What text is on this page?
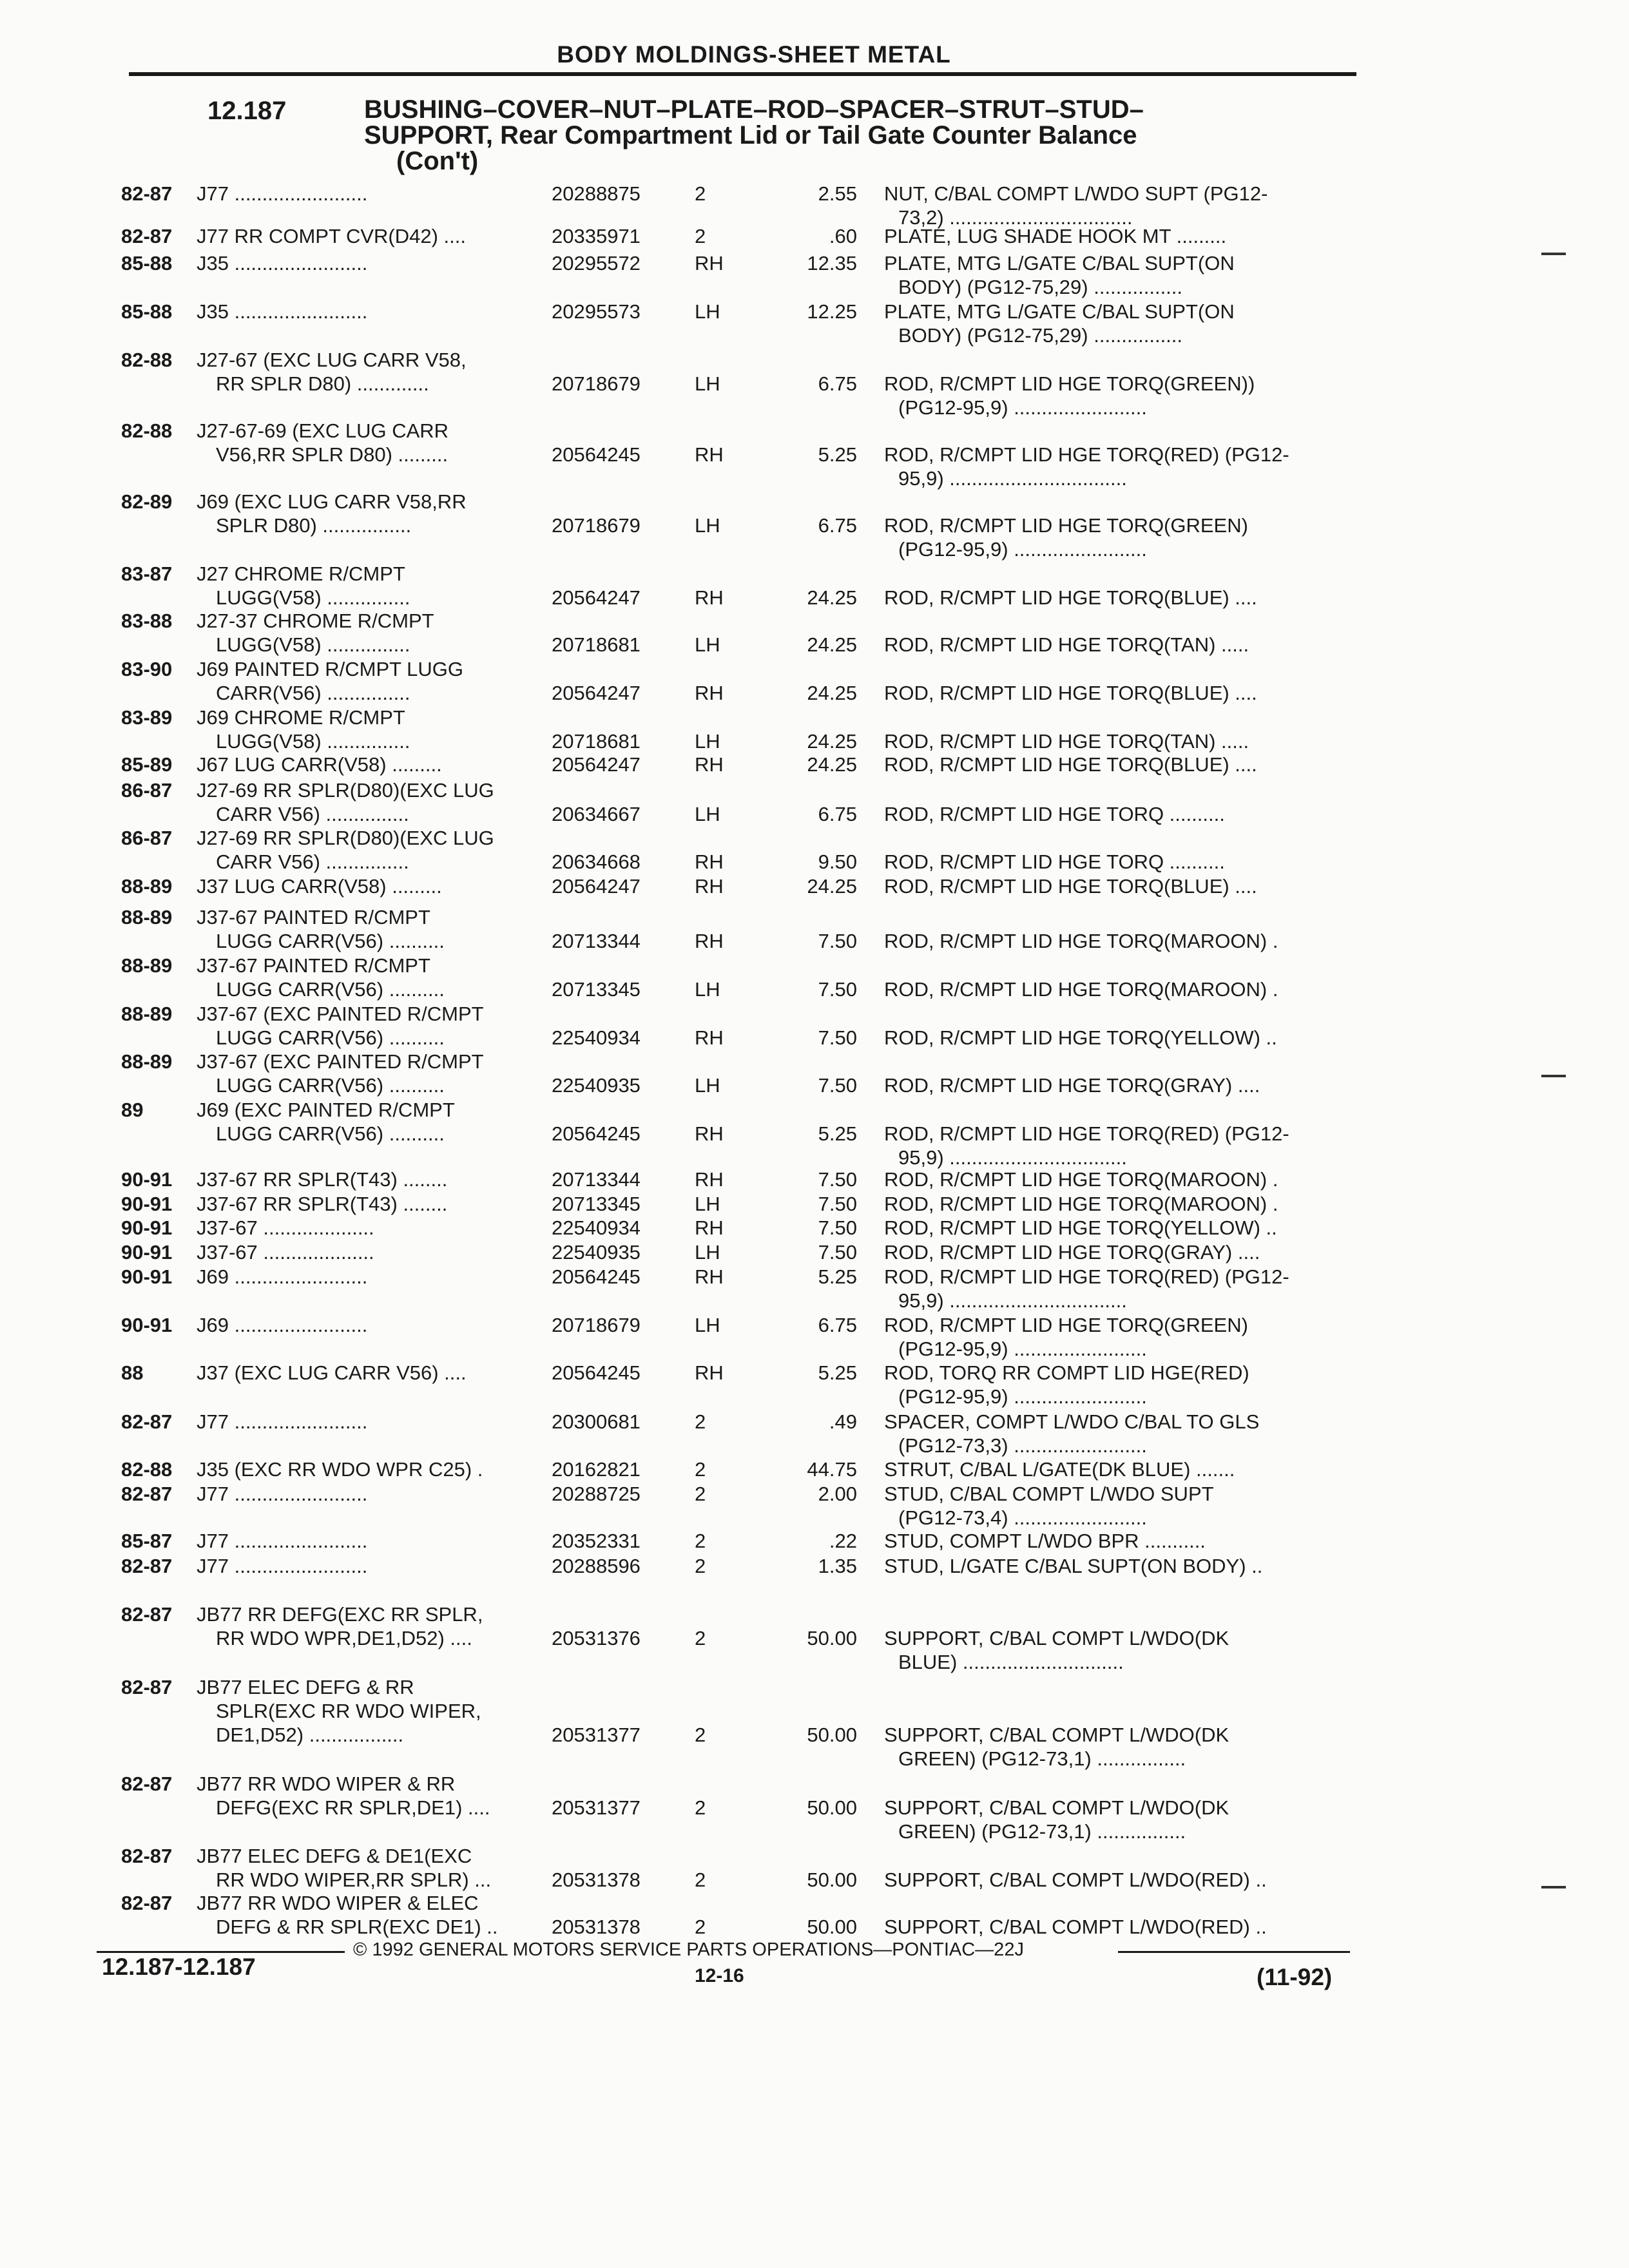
BODY MOLDINGS-SHEET METAL
12.187	BUSHING–COVER–NUT–PLATE–ROD–SPACER–STRUT–STUD–
SUPPORT, Rear Compartment Lid or Tail Gate Counter Balance
(Con't)
82-87	J77 ........................	20288875	2	2.55 NUT, C/BAL COMPT L/WDO SUPT (PG12-
73,2) .................................
82-87	J77 RR COMPT CVR(D42) ....	20335971	2	.60 PLATE, LUG SHADE HOOK MT .........
85-88	J35 ........................	20295572	RH	12.35 PLATE, MTG L/GATE C/BAL SUPT(ON
BODY) (PG12-75,29) ................
85-88	J35 ........................	20295573	LH	12.25 PLATE, MTG L/GATE C/BAL SUPT(ON
BODY) (PG12-75,29) ................
82-88	J27-67 (EXC LUG CARR V58,
RR SPLR D80) .............	20718679	LH	6.75 ROD, R/CMPT LID HGE TORQ(GREEN))
(PG12-95,9) ........................
82-88	J27-67-69 (EXC LUG CARR
V56,RR SPLR D80) .........	20564245	RH	5.25 ROD, R/CMPT LID HGE TORQ(RED) (PG12-
95,9) ................................
82-89	J69 (EXC LUG CARR V58,RR
SPLR D80) ................	20718679	LH	6.75 ROD, R/CMPT LID HGE TORQ(GREEN)
(PG12-95,9) ........................
83-87	J27 CHROME R/CMPT
LUGG(V58) ...............	20564247	RH	24.25 ROD, R/CMPT LID HGE TORQ(BLUE) ....
83-88	J27-37 CHROME R/CMPT
LUGG(V58) ...............	20718681	LH	24.25 ROD, R/CMPT LID HGE TORQ(TAN) .....
83-90	J69 PAINTED R/CMPT LUGG
CARR(V56) ...............	20564247	RH	24.25 ROD, R/CMPT LID HGE TORQ(BLUE) ....
83-89	J69 CHROME R/CMPT
LUGG(V58) ...............	20718681	LH	24.25 ROD, R/CMPT LID HGE TORQ(TAN) .....
85-89	J67 LUG CARR(V58) .........	20564247	RH	24.25 ROD, R/CMPT LID HGE TORQ(BLUE) ....
86-87	J27-69 RR SPLR(D80)(EXC LUG
CARR V56) ...............	20634667	LH	6.75 ROD, R/CMPT LID HGE TORQ ..........
86-87	J27-69 RR SPLR(D80)(EXC LUG
CARR V56) ...............	20634668	RH	9.50 ROD, R/CMPT LID HGE TORQ ..........
88-89	J37 LUG CARR(V58) .........	20564247	RH	24.25 ROD, R/CMPT LID HGE TORQ(BLUE) ....
88-89	J37-67 PAINTED R/CMPT
LUGG CARR(V56) ..........	20713344	RH	7.50 ROD, R/CMPT LID HGE TORQ(MAROON) .
88-89	J37-67 PAINTED R/CMPT
LUGG CARR(V56) ..........	20713345	LH	7.50 ROD, R/CMPT LID HGE TORQ(MAROON) .
88-89	J37-67 (EXC PAINTED R/CMPT
LUGG CARR(V56) ..........	22540934	RH	7.50 ROD, R/CMPT LID HGE TORQ(YELLOW) ..
88-89	J37-67 (EXC PAINTED R/CMPT
LUGG CARR(V56) ..........	22540935	LH	7.50 ROD, R/CMPT LID HGE TORQ(GRAY) ....
89	J69 (EXC PAINTED R/CMPT
LUGG CARR(V56) ..........	20564245	RH	5.25 ROD, R/CMPT LID HGE TORQ(RED) (PG12-
95,9) ................................
90-91	J37-67 RR SPLR(T43) ........	20713344	RH	7.50 ROD, R/CMPT LID HGE TORQ(MAROON) .
90-91	J37-67 RR SPLR(T43) ........	20713345	LH	7.50 ROD, R/CMPT LID HGE TORQ(MAROON) .
90-91	J37-67 ....................	22540934	RH	7.50 ROD, R/CMPT LID HGE TORQ(YELLOW) ..
90-91	J37-67 ....................	22540935	LH	7.50 ROD, R/CMPT LID HGE TORQ(GRAY) ....
90-91	J69 ........................	20564245	RH	5.25 ROD, R/CMPT LID HGE TORQ(RED) (PG12-
95,9) ................................
90-91	J69 ........................	20718679	LH	6.75 ROD, R/CMPT LID HGE TORQ(GREEN)
(PG12-95,9) ........................
88	J37 (EXC LUG CARR V56) ....	20564245	RH	5.25 ROD, TORQ RR COMPT LID HGE(RED)
(PG12-95,9) ........................
82-87	J77 ........................	20300681	2	.49 SPACER, COMPT L/WDO C/BAL TO GLS
(PG12-73,3) ........................
82-88	J35 (EXC RR WDO WPR C25) .	20162821	2	44.75 STRUT, C/BAL L/GATE(DK BLUE) .......
82-87	J77 ........................	20288725	2	2.00 STUD, C/BAL COMPT L/WDO SUPT
(PG12-73,4) ........................
85-87	J77 ........................	20352331	2	.22 STUD, COMPT L/WDO BPR ...........
82-87	J77 ........................	20288596	2	1.35 STUD, L/GATE C/BAL SUPT(ON BODY) ..
82-87	JB77 RR DEFG(EXC RR SPLR,
RR WDO WPR,DE1,D52) ....	20531376	2	50.00 SUPPORT, C/BAL COMPT L/WDO(DK
BLUE) .............................
82-87	JB77 ELEC DEFG & RR
SPLR(EXC RR WDO WIPER,
DE1,D52) .................	20531377	2	50.00 SUPPORT, C/BAL COMPT L/WDO(DK
GREEN) (PG12-73,1) ................
82-87	JB77 RR WDO WIPER & RR
DEFG(EXC RR SPLR,DE1) ....	20531377	2	50.00 SUPPORT, C/BAL COMPT L/WDO(DK
GREEN) (PG12-73,1) ................
82-87	JB77 ELEC DEFG & DE1(EXC
RR WDO WIPER,RR SPLR) ...	20531378	2	50.00 SUPPORT, C/BAL COMPT L/WDO(RED) ..
82-87	JB77 RR WDO WIPER & ELEC
DEFG & RR SPLR(EXC DE1) ..	20531378	2	50.00 SUPPORT, C/BAL COMPT L/WDO(RED) ..
© 1992 GENERAL MOTORS SERVICE PARTS OPERATIONS—PONTIAC—22J
12.187-12.187	12-16	(11-92)
